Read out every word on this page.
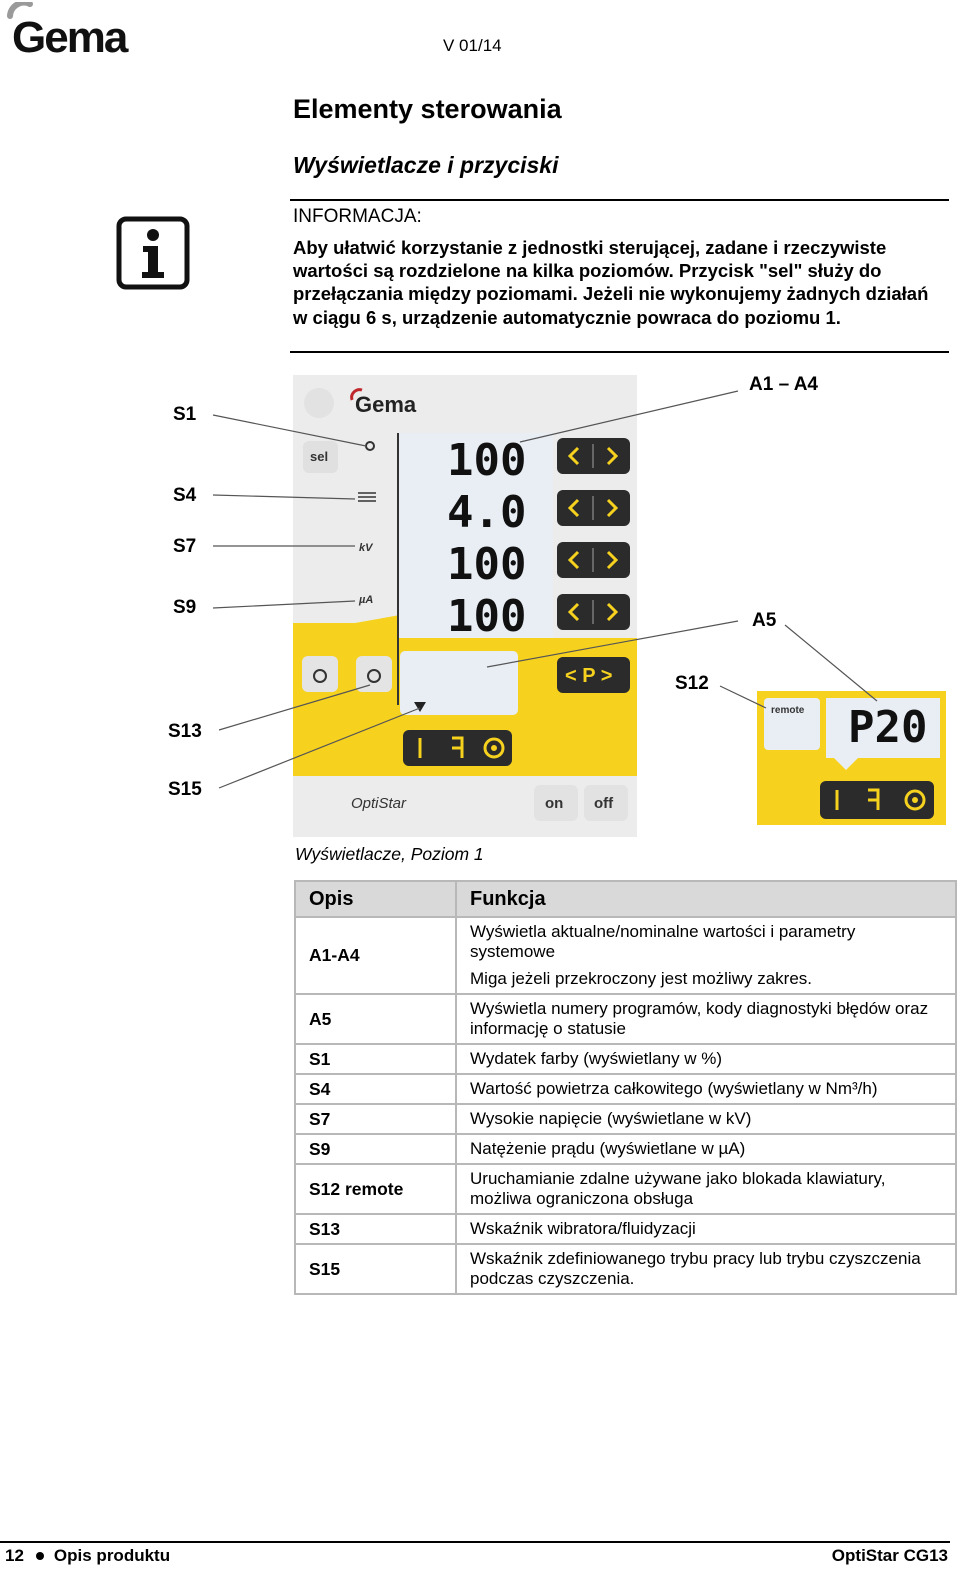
Gema	V 01/14
Elementy sterowania
Wyświetlacze i przyciski
INFORMACJA:
Aby ułatwić korzystanie z jednostki sterującej, zadane i rzeczywiste wartości są rozdzielone na kilka poziomów. Przycisk "sel" służy do przełączania między poziomami. Jeżeli nie wykonujemy żadnych działań w ciągu 6 s, urządzenie automatycznie powraca do poziomu 1.
Gema
sel
kV
µA
100
4.0
100
100
< P >
OptiStar	on off
remote P20
S1
S4
S7
S9
S13
S15
A1 – A4
A5
S12
Wyświetlacze, Poziom 1
Opis	Funkcja
A1-A4	Wyświetla aktualne/nominalne wartości i parametry systemowe
Miga jeżeli przekroczony jest możliwy zakres.

A5	Wyświetla numery programów, kody diagnostyki błędów oraz informację o statusie
S1	Wydatek farby (wyświetlany w %)
S4	Wartość powietrza całkowitego (wyświetlany w Nm³/h)
S7	Wysokie napięcie (wyświetlane w kV)
S9	Natężenie prądu (wyświetlane w µA)
S12 remote	Uruchamianie zdalne używane jako blokada klawiatury, możliwa ograniczona obsługa
S13	Wskaźnik wibratora/fluidyzacji
S15	Wskaźnik zdefiniowanego trybu pracy lub trybu czyszczenia podczas czyszczenia.
12 Opis produktu	OptiStar CG13
